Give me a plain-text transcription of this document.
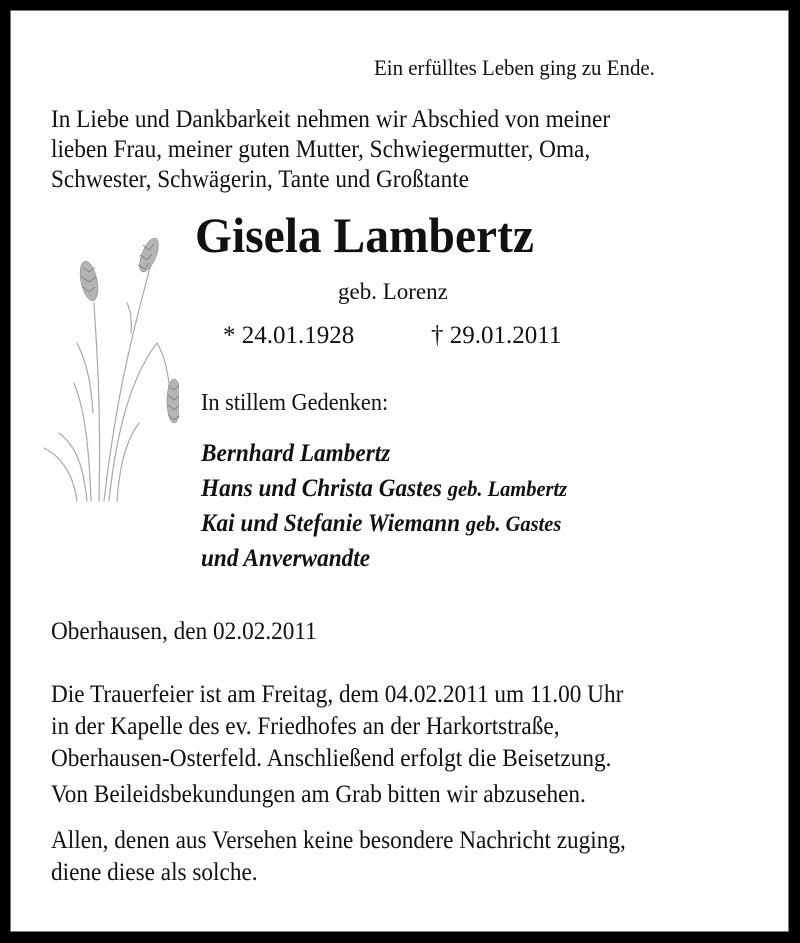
Ein erfülltes Leben ging zu Ende.
In Liebe und Dankbarkeit nehmen wir Abschied von meiner
lieben Frau, meiner guten Mutter, Schwiegermutter, Oma,
Schwester, Schwägerin, Tante und Großtante
Gisela Lambertz
geb. Lorenz
* 24.01.1928	† 29.01.2011
In stillem Gedenken:
Bernhard Lambertz
Hans und Christa Gastes geb. Lambertz
Kai und Stefanie Wiemann geb. Gastes
und Anverwandte
Oberhausen, den 02.02.2011
Die Trauerfeier ist am Freitag, dem 04.02.2011 um 11.00 Uhr
in der Kapelle des ev. Friedhofes an der Harkortstraße,
Oberhausen-Osterfeld. Anschließend erfolgt die Beisetzung.
Von Beileidsbekundungen am Grab bitten wir abzusehen.
Allen, denen aus Versehen keine besondere Nachricht zuging,
diene diese als solche.
